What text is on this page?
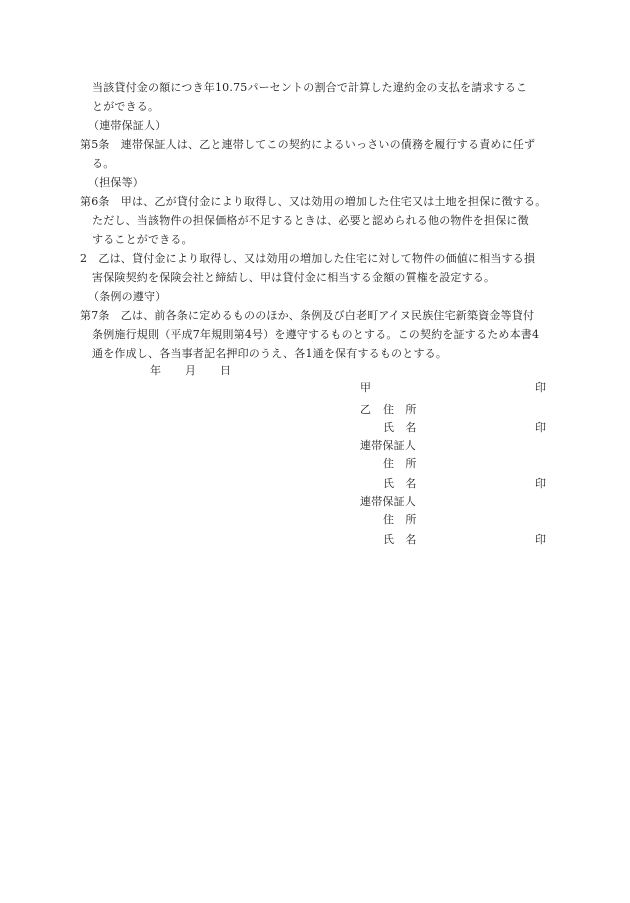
当該貸付金の額につき年10.75パーセントの割合で計算した違約金の支払を請求するこ
とができる。
（連帯保証人）
第5条　連帯保証人は、乙と連帯してこの契約によるいっさいの債務を履行する責めに任ず
る。
（担保等）
第6条　甲は、乙が貸付金により取得し、又は効用の増加した住宅又は土地を担保に徴する。
ただし、当該物件の担保価格が不足するときは、必要と認められる他の物件を担保に徴
することができる。
2　乙は、貸付金により取得し、又は効用の増加した住宅に対して物件の価値に相当する損
害保険契約を保険会社と締結し、甲は貸付金に相当する金額の質権を設定する。
（条例の遵守）
第7条　乙は、前各条に定めるもののほか、条例及び白老町アイヌ民族住宅新築資金等貸付
条例施行規則（平成7年規則第4号）を遵守するものとする。この契約を証するため本書4
通を作成し、各当事者記名押印のうえ、各1通を保有するものとする。
年 月 日
甲	印
乙 住　所
氏　名	印
連帯保証人
住　所
氏　名	印
連帯保証人
住　所
氏　名	印
